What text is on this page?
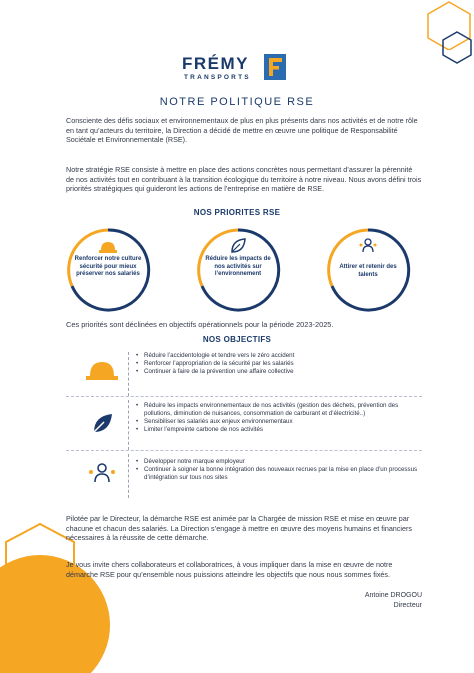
FRÉMY
TRANSPORTS
NOTRE POLITIQUE RSE

Consciente des défis sociaux et environnementaux de plus en plus présents dans nos activités et de notre rôle en tant qu’acteurs du territoire, la Direction a décidé de mettre en œuvre une politique de Responsabilité Sociétale et Environnementale (RSE).

Notre stratégie RSE consiste à mettre en place des actions concrètes nous permettant d’assurer la pérennité de nos activités tout en contribuant à la transition écologique du territoire à notre niveau. Nous avons défini trois priorités stratégiques qui guideront les actions de l’entreprise en matière de RSE.

NOS PRIORITES RSE
Renforcer notre culture sécurité pour mieux préserver nos salariés
Réduire les impacts de nos activités sur l’environnement
Attirer et retenir des talents
Ces priorités sont déclinées en objectifs opérationnels pour la période 2023-2025.
NOS OBJECTIFS
• Réduire l’accidentologie et tendre vers le zéro accident
• Renforcer l’appropriation de la sécurité par les salariés
• Continuer à faire de la prévention une affaire collective
• Réduire les impacts environnementaux de nos activités (gestion des déchets, prévention des pollutions, diminution de nuisances, consommation de carburant et d’électricité..)
• Sensibiliser les salariés aux enjeux environnementaux
• Limiter l’empreinte carbone de nos activités
• Développer notre marque employeur
• Continuer à soigner la bonne intégration des nouveaux recrues par la mise en place d’un processus d’intégration sur tous nos sites

Pilotée par le Directeur, la démarche RSE est animée par la Chargée de mission RSE et mise en œuvre par chacune et chacun des salariés. La Direction s’engage à mettre en œuvre des moyens humains et financiers nécessaires à la réussite de cette démarche.

Je vous invite chers collaborateurs et collaboratrices, à vous impliquer dans la mise en œuvre de notre démarche RSE pour qu’ensemble nous puissions atteindre les objectifs que nous nous sommes fixés.

Antoine DROGOU
Directeur
